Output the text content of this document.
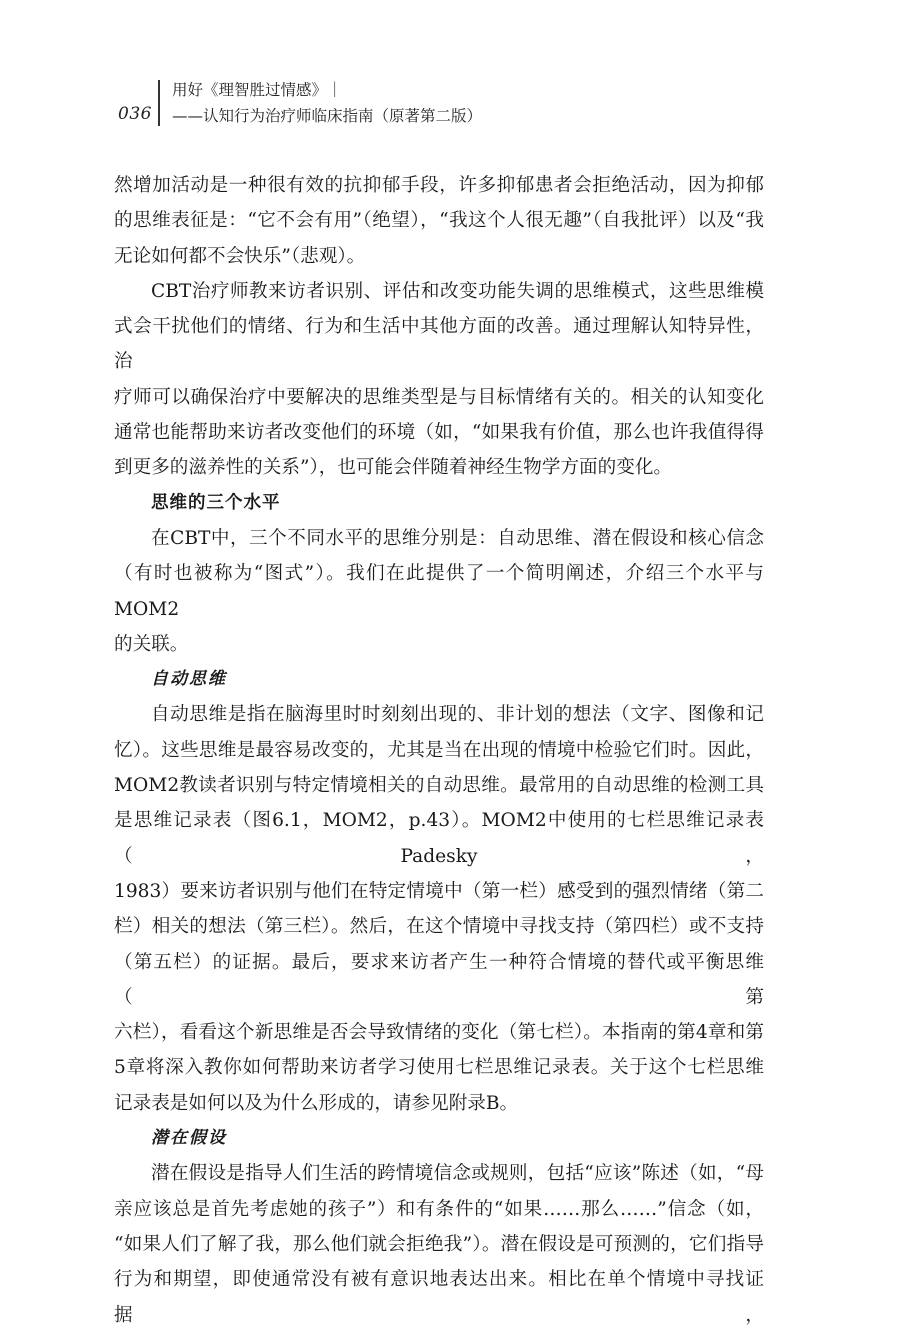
036
用好《理智胜过情感》｜
——认知行为治疗师临床指南（原著第二版）

然增加活动是一种很有效的抗抑郁手段，许多抑郁患者会拒绝活动，因为抑郁
的思维表征是：“它不会有用”（绝望），“我这个人很无趣”（自我批评）以及“我
无论如何都不会快乐”（悲观）。

CBT治疗师教来访者识别、评估和改变功能失调的思维模式，这些思维模
式会干扰他们的情绪、行为和生活中其他方面的改善。通过理解认知特异性，治
疗师可以确保治疗中要解决的思维类型是与目标情绪有关的。相关的认知变化
通常也能帮助来访者改变他们的环境（如，“如果我有价值，那么也许我值得得
到更多的滋养性的关系”），也可能会伴随着神经生物学方面的变化。

思维的三个水平

在CBT中，三个不同水平的思维分别是：自动思维、潜在假设和核心信念
（有时也被称为“图式”）。我们在此提供了一个简明阐述，介绍三个水平与MOM2
的关联。

自动思维

自动思维是指在脑海里时时刻刻出现的、非计划的想法（文字、图像和记
忆）。这些思维是最容易改变的，尤其是当在出现的情境中检验它们时。因此，
MOM2教读者识别与特定情境相关的自动思维。最常用的自动思维的检测工具
是思维记录表（图6.1，MOM2，p.43）。MOM2中使用的七栏思维记录表（Padesky，
1983）要来访者识别与他们在特定情境中（第一栏）感受到的强烈情绪（第二
栏）相关的想法（第三栏）。然后，在这个情境中寻找支持（第四栏）或不支持
（第五栏）的证据。最后，要求来访者产生一种符合情境的替代或平衡思维（第
六栏），看看这个新思维是否会导致情绪的变化（第七栏）。本指南的第4章和第
5章将深入教你如何帮助来访者学习使用七栏思维记录表。关于这个七栏思维
记录表是如何以及为什么形成的，请参见附录B。

潜在假设

潜在假设是指导人们生活的跨情境信念或规则，包括“应该”陈述（如，“母
亲应该总是首先考虑她的孩子”）和有条件的“如果……那么……”信念（如，
“如果人们了解了我，那么他们就会拒绝我”）。潜在假设是可预测的，它们指导
行为和期望，即使通常没有被有意识地表达出来。相比在单个情境中寻找证据，
